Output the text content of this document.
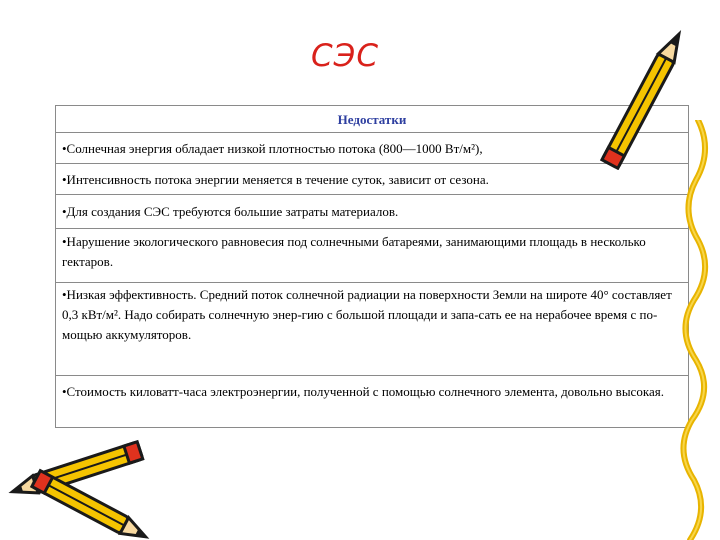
СЭС
Недостатки
•Солнечная энергия обладает низкой плотностью потока (800—1000 Вт/м²),
•Интенсивность потока энергии меняется в течение суток, зависит от сезона.
•Для создания СЭС требуются большие затраты материалов.
•Нарушение экологического равновесия под солнечными батареями, занимающими площадь в несколько гектаров.
•Низкая эффективность. Средний поток солнечной радиации на поверхности Земли на широте 40° составляет 0,3 кВт/м². Надо собирать солнечную энер-гию с большой площади и запа-сать ее на нерабочее время с по-мощью аккумуляторов.
•Стоимость киловатт-часа электроэнергии, полученной с помощью солнечного элемента, довольно высокая.
